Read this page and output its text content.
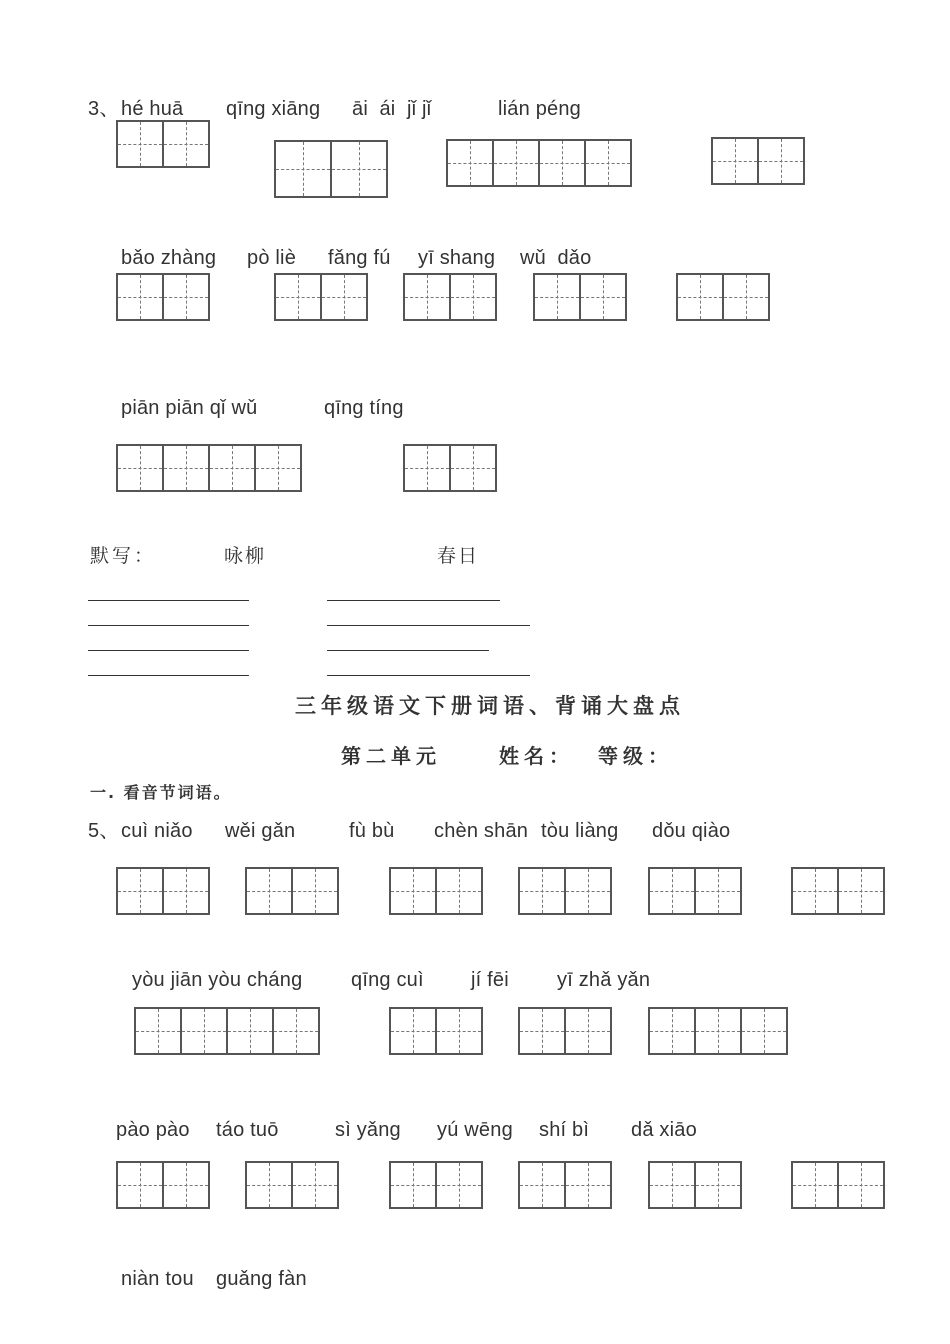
3、 hé huā qīng xiāng āi  ái  jǐ jǐ	lián péng
bǎo zhàng pò liè fǎng fú yī shang wǔ  dǎo
piān piān qǐ wǔ	qīng tíng
默写：	咏柳	春日
三年级语文下册词语、背诵大盘点
第二单元	姓名： 等级：
一. 看音节词语。
5、 cuì niǎo wěi gǎn	fù bù chèn shān tòu liàng dǒu qiào
yòu jiān yòu cháng qīng cuì jí fēi yī zhǎ yǎn
pào pào táo tuō	sì yǎng yú wēng shí bì dǎ xiāo
niàn tou guǎng fàn
